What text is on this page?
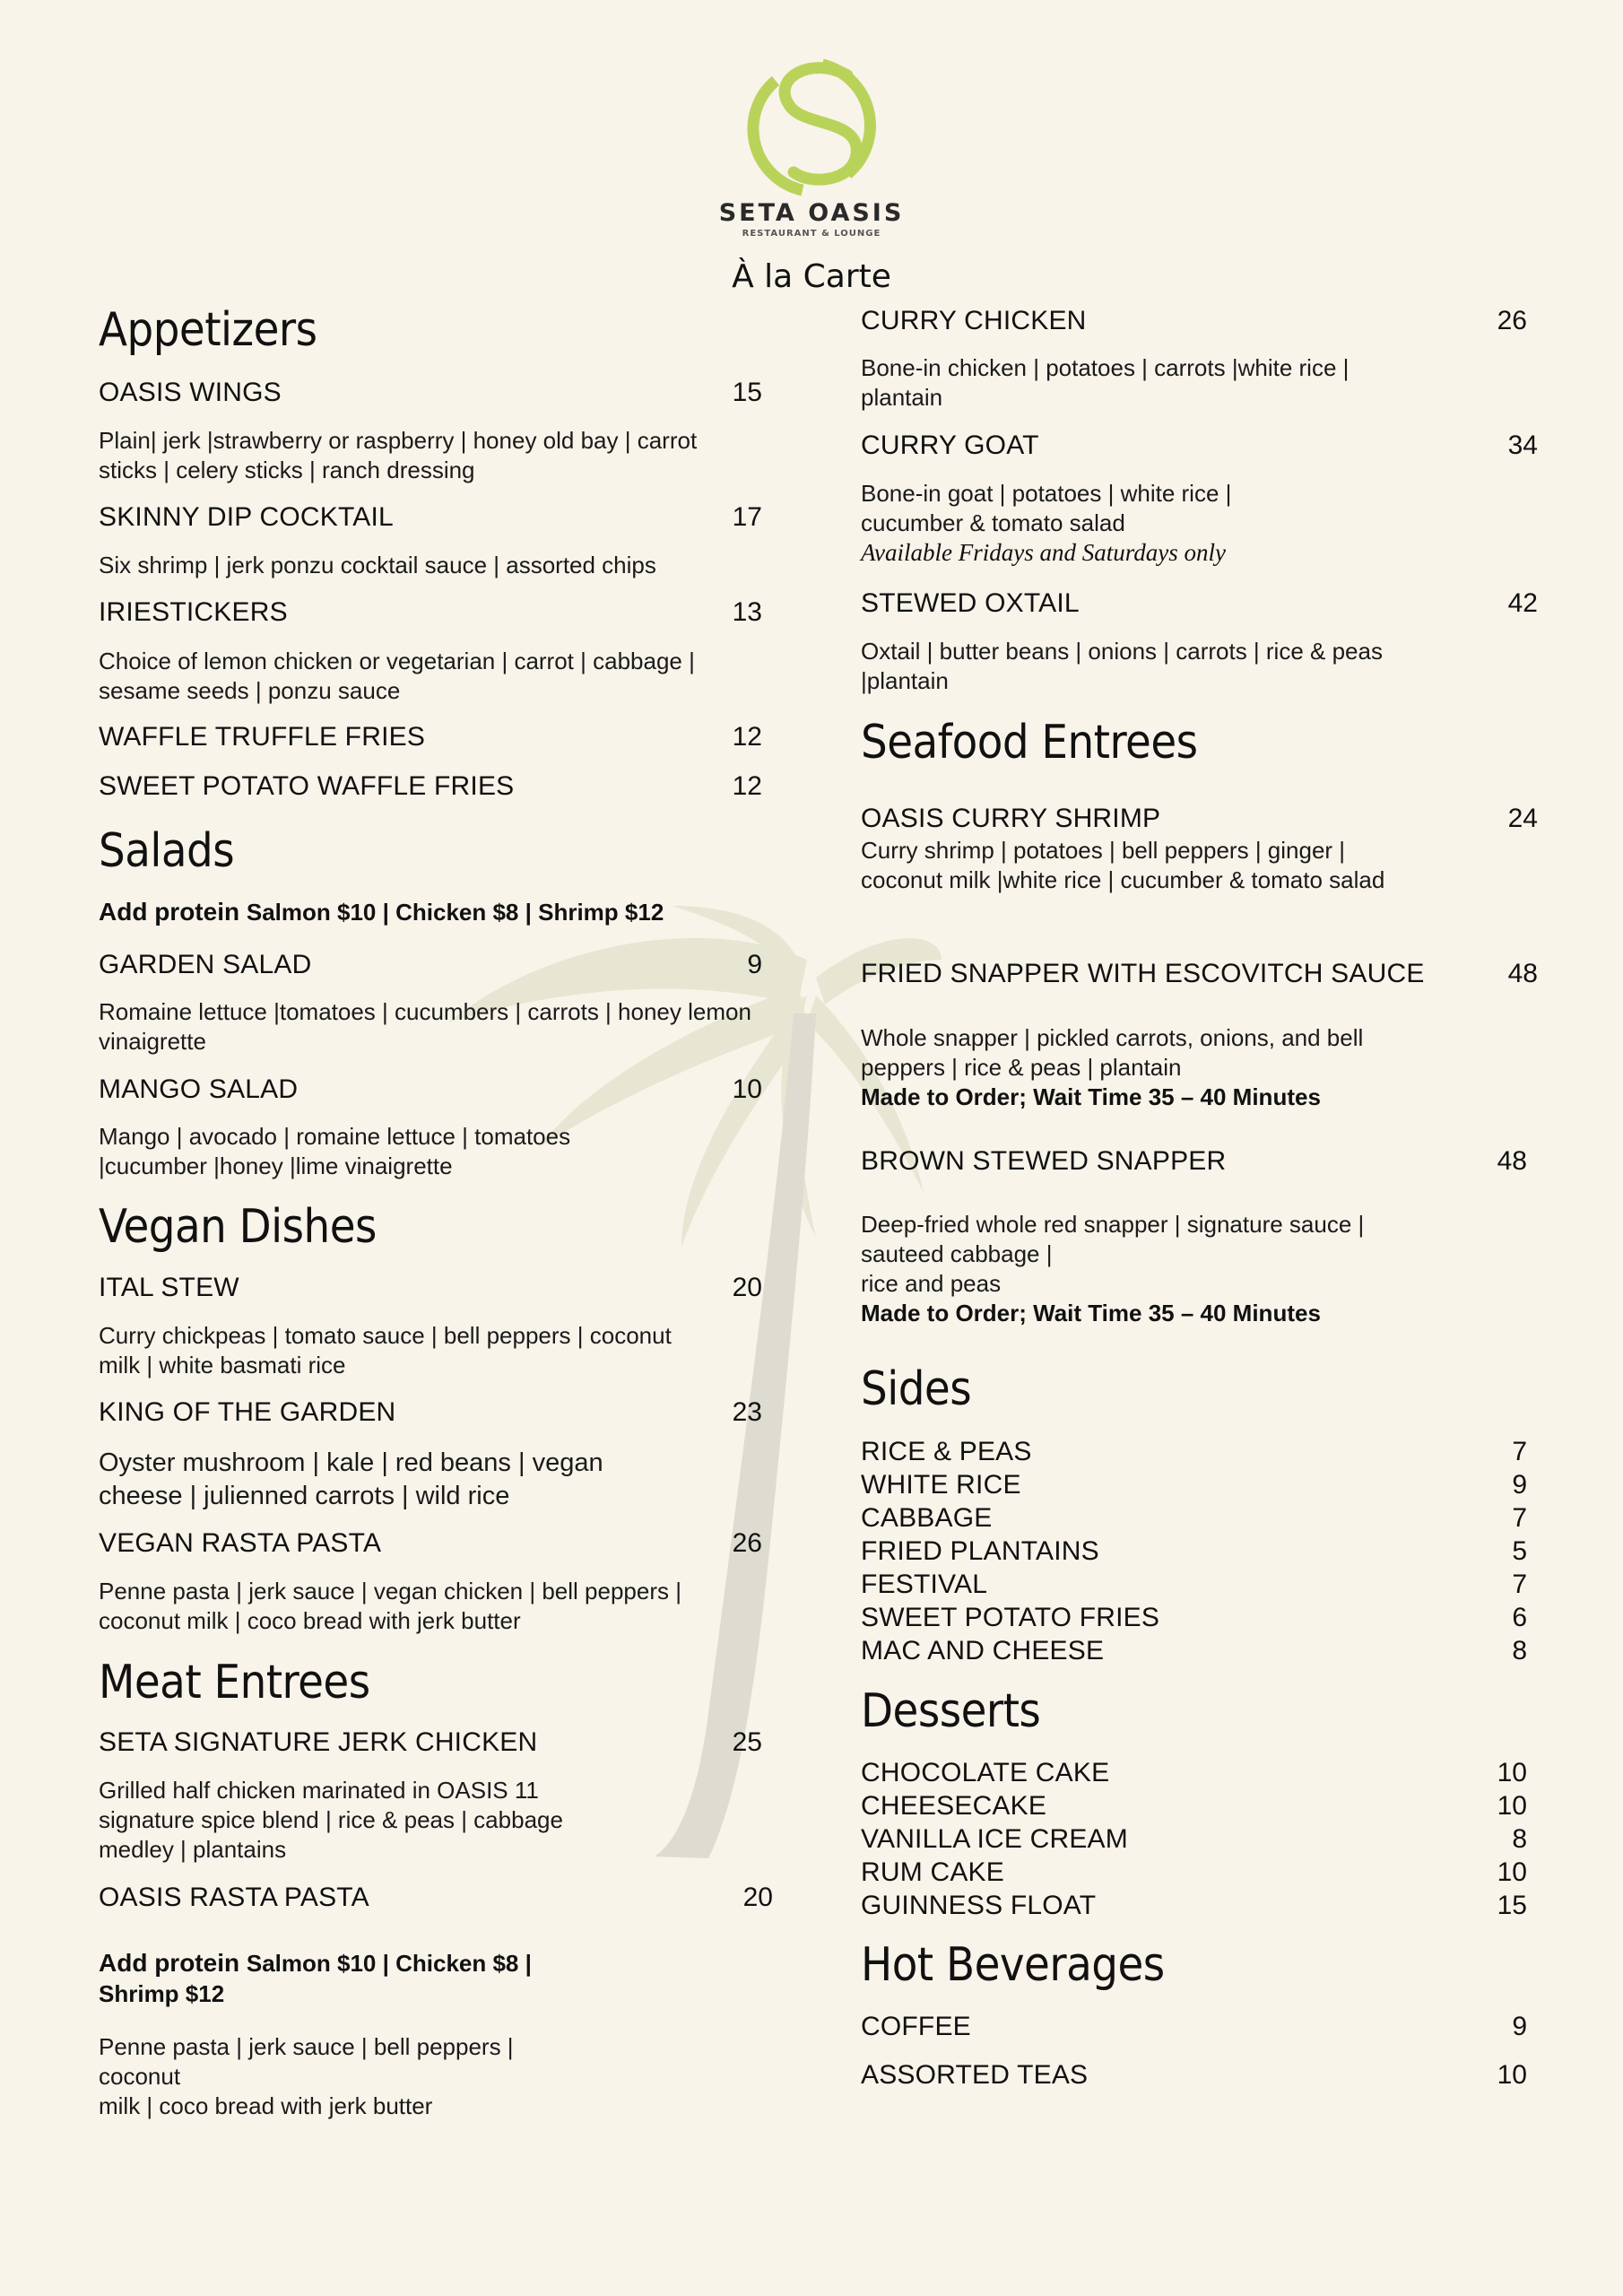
SETA OASIS
RESTAURANT & LOUNGE
À la Carte
Appetizers
OASIS WINGS	15
Plain| jerk |strawberry or raspberry | honey old bay | carrot sticks | celery sticks | ranch dressing
SKINNY DIP COCKTAIL	17
Six shrimp | jerk ponzu cocktail sauce | assorted chips
IRIESTICKERS	13
Choice of lemon chicken or vegetarian | carrot | cabbage | sesame seeds | ponzu sauce
WAFFLE TRUFFLE FRIES	12
SWEET POTATO WAFFLE FRIES	12
Salads
Add protein Salmon $10 | Chicken $8 | Shrimp $12
GARDEN SALAD	9
Romaine lettuce |tomatoes | cucumbers | carrots | honey lemon vinaigrette
MANGO SALAD	10
Mango | avocado | romaine lettuce | tomatoes |cucumber |honey |lime vinaigrette
Vegan Dishes
ITAL STEW	20
Curry chickpeas | tomato sauce | bell peppers | coconut milk | white basmati rice
KING OF THE GARDEN	23
Oyster mushroom | kale | red beans | vegan cheese | julienned carrots | wild rice
VEGAN RASTA PASTA	26
Penne pasta | jerk sauce | vegan chicken | bell peppers | coconut milk | coco bread with jerk butter
Meat Entrees
SETA SIGNATURE JERK CHICKEN	25
Grilled half chicken marinated in OASIS 11 signature spice blend | rice & peas | cabbage medley | plantains
OASIS RASTA PASTA	20
Add protein Salmon $10 | Chicken $8 |
Shrimp $12
Penne pasta | jerk sauce | bell peppers |
coconut
milk | coco bread with jerk butter
CURRY CHICKEN	26
Bone-in chicken | potatoes | carrots |white rice | plantain
CURRY GOAT	34
Bone-in goat | potatoes | white rice | cucumber & tomato salad
Available Fridays and Saturdays only
STEWED OXTAIL	42
Oxtail | butter beans | onions | carrots | rice & peas |plantain
Seafood Entrees
OASIS CURRY SHRIMP	24
Curry shrimp | potatoes | bell peppers | ginger | coconut milk |white rice | cucumber & tomato salad
FRIED SNAPPER WITH ESCOVITCH SAUCE	48
Whole snapper | pickled carrots, onions, and bell peppers | rice & peas | plantain
Made to Order; Wait Time 35 – 40 Minutes
BROWN STEWED SNAPPER	48
Deep-fried whole red snapper | signature sauce |
sauteed cabbage |
rice and peas
Made to Order; Wait Time 35 – 40 Minutes
Sides
RICE & PEAS	7
WHITE RICE	9
CABBAGE	7
FRIED PLANTAINS	5
FESTIVAL	7
SWEET POTATO FRIES	6
MAC AND CHEESE	8
Desserts
CHOCOLATE CAKE	10
CHEESECAKE	10
VANILLA ICE CREAM	8
RUM CAKE	10
GUINNESS FLOAT	15
Hot Beverages
COFFEE	9
ASSORTED TEAS	10
